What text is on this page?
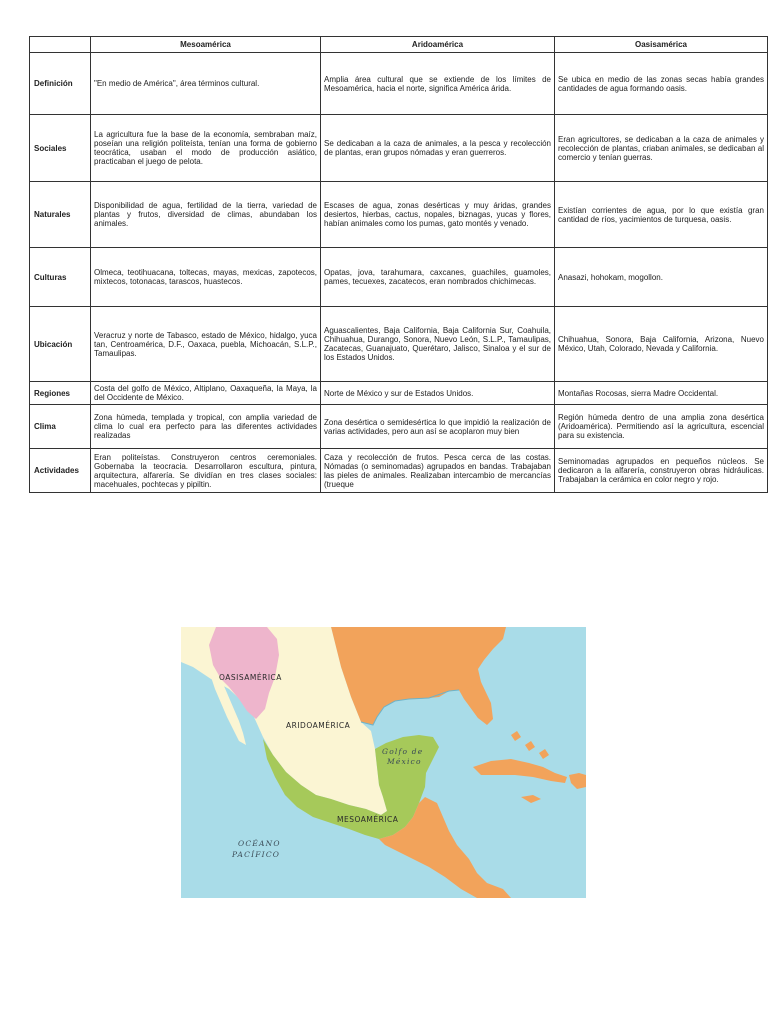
	Mesoamérica	Aridoamérica	Oasisamérica
Definición	"En medio de América", área términos cultural.	Amplia área cultural que se extiende de los límites de Mesoamérica, hacia el norte, significa América árida.	Se ubica en medio de las zonas secas había grandes cantidades de agua formando oasis.
Sociales	La agricultura fue la base de la economía, sembraban maíz, poseían una religión politeísta, tenían una forma de gobierno teocrática, usaban el modo de producción asiático, practicaban el juego de pelota.	Se dedicaban a la caza de animales, a la pesca y recolección de plantas, eran grupos nómadas y eran guerreros.	Eran agricultores, se dedicaban a la caza de animales y recolección de plantas, criaban animales, se dedicaban al comercio y tenían guerras.
Naturales	Disponibilidad de agua, fertilidad de la tierra, variedad de plantas y frutos, diversidad de climas, abundaban los animales.	Escases de agua, zonas desérticas y muy áridas, grandes desiertos, hierbas, cactus, nopales, biznagas, yucas y flores, habían animales como los pumas, gato montés y venado.	Existían corrientes de agua, por lo que existía gran cantidad de ríos, yacimientos de turquesa, oasis.
Culturas	Olmeca, teotihuacana, toltecas, mayas, mexicas, zapotecos, mixtecos, totonacas, tarascos, huastecos.	Opatas, jova, tarahumara, caxcanes, guachiles, guamoles, pames, tecuexes, zacatecos, eran nombrados chichimecas.	Anasazi, hohokam, mogollon.
Ubicación	Veracruz y norte de Tabasco, estado de México, hidalgo, yuca tan, Centroamérica, D.F., Oaxaca, puebla, Michoacán, S.L.P., Tamaulipas.	Aguascalientes, Baja California, Baja California Sur, Coahuila, Chihuahua, Durango, Sonora, Nuevo León, S.L.P., Tamaulipas, Zacatecas, Guanajuato, Querétaro, Jalisco, Sinaloa y el sur de los Estados Unidos.	Chihuahua, Sonora, Baja California, Arizona, Nuevo México, Utah, Colorado, Nevada y California.
Regiones	Costa del golfo de México, Altiplano, Oaxaqueña, la Maya, la del Occidente de México.	Norte de México y sur de Estados Unidos.	Montañas Rocosas, sierra Madre Occidental.
Clima	Zona húmeda, templada y tropical, con amplia variedad de clima lo cual era perfecto para las diferentes actividades realizadas	Zona desértica o semidesértica lo que impidió la realización de varias actividades, pero aun así se acoplaron muy bien	Región húmeda dentro de una amplia zona desértica (Aridoamérica). Permitiendo así la agricultura, escencial para su existencia.
Actividades	Eran politeístas. Construyeron centros ceremoniales. Gobernaba la teocracia. Desarrollaron escultura, pintura, arquitectura, alfarería. Se dividían en tres clases sociales: macehuales, pochtecas y pipiltin.	Caza y recolección de frutos. Pesca cerca de las costas. Nómadas (o seminomadas) agrupados en bandas. Trabajaban las pieles de animales. Realizaban intercambio de mercancías (trueque	Seminomadas agrupados en pequeños núcleos. Se dedicaron a la alfarería, construyeron obras hidráulicas. Trabajaban la cerámica en color negro y rojo.
OASISAMÉRICA
ARIDOAMÉRICA
MESOAMÉRICA
Golfo de
México
OCÉANO
PACÍFICO
